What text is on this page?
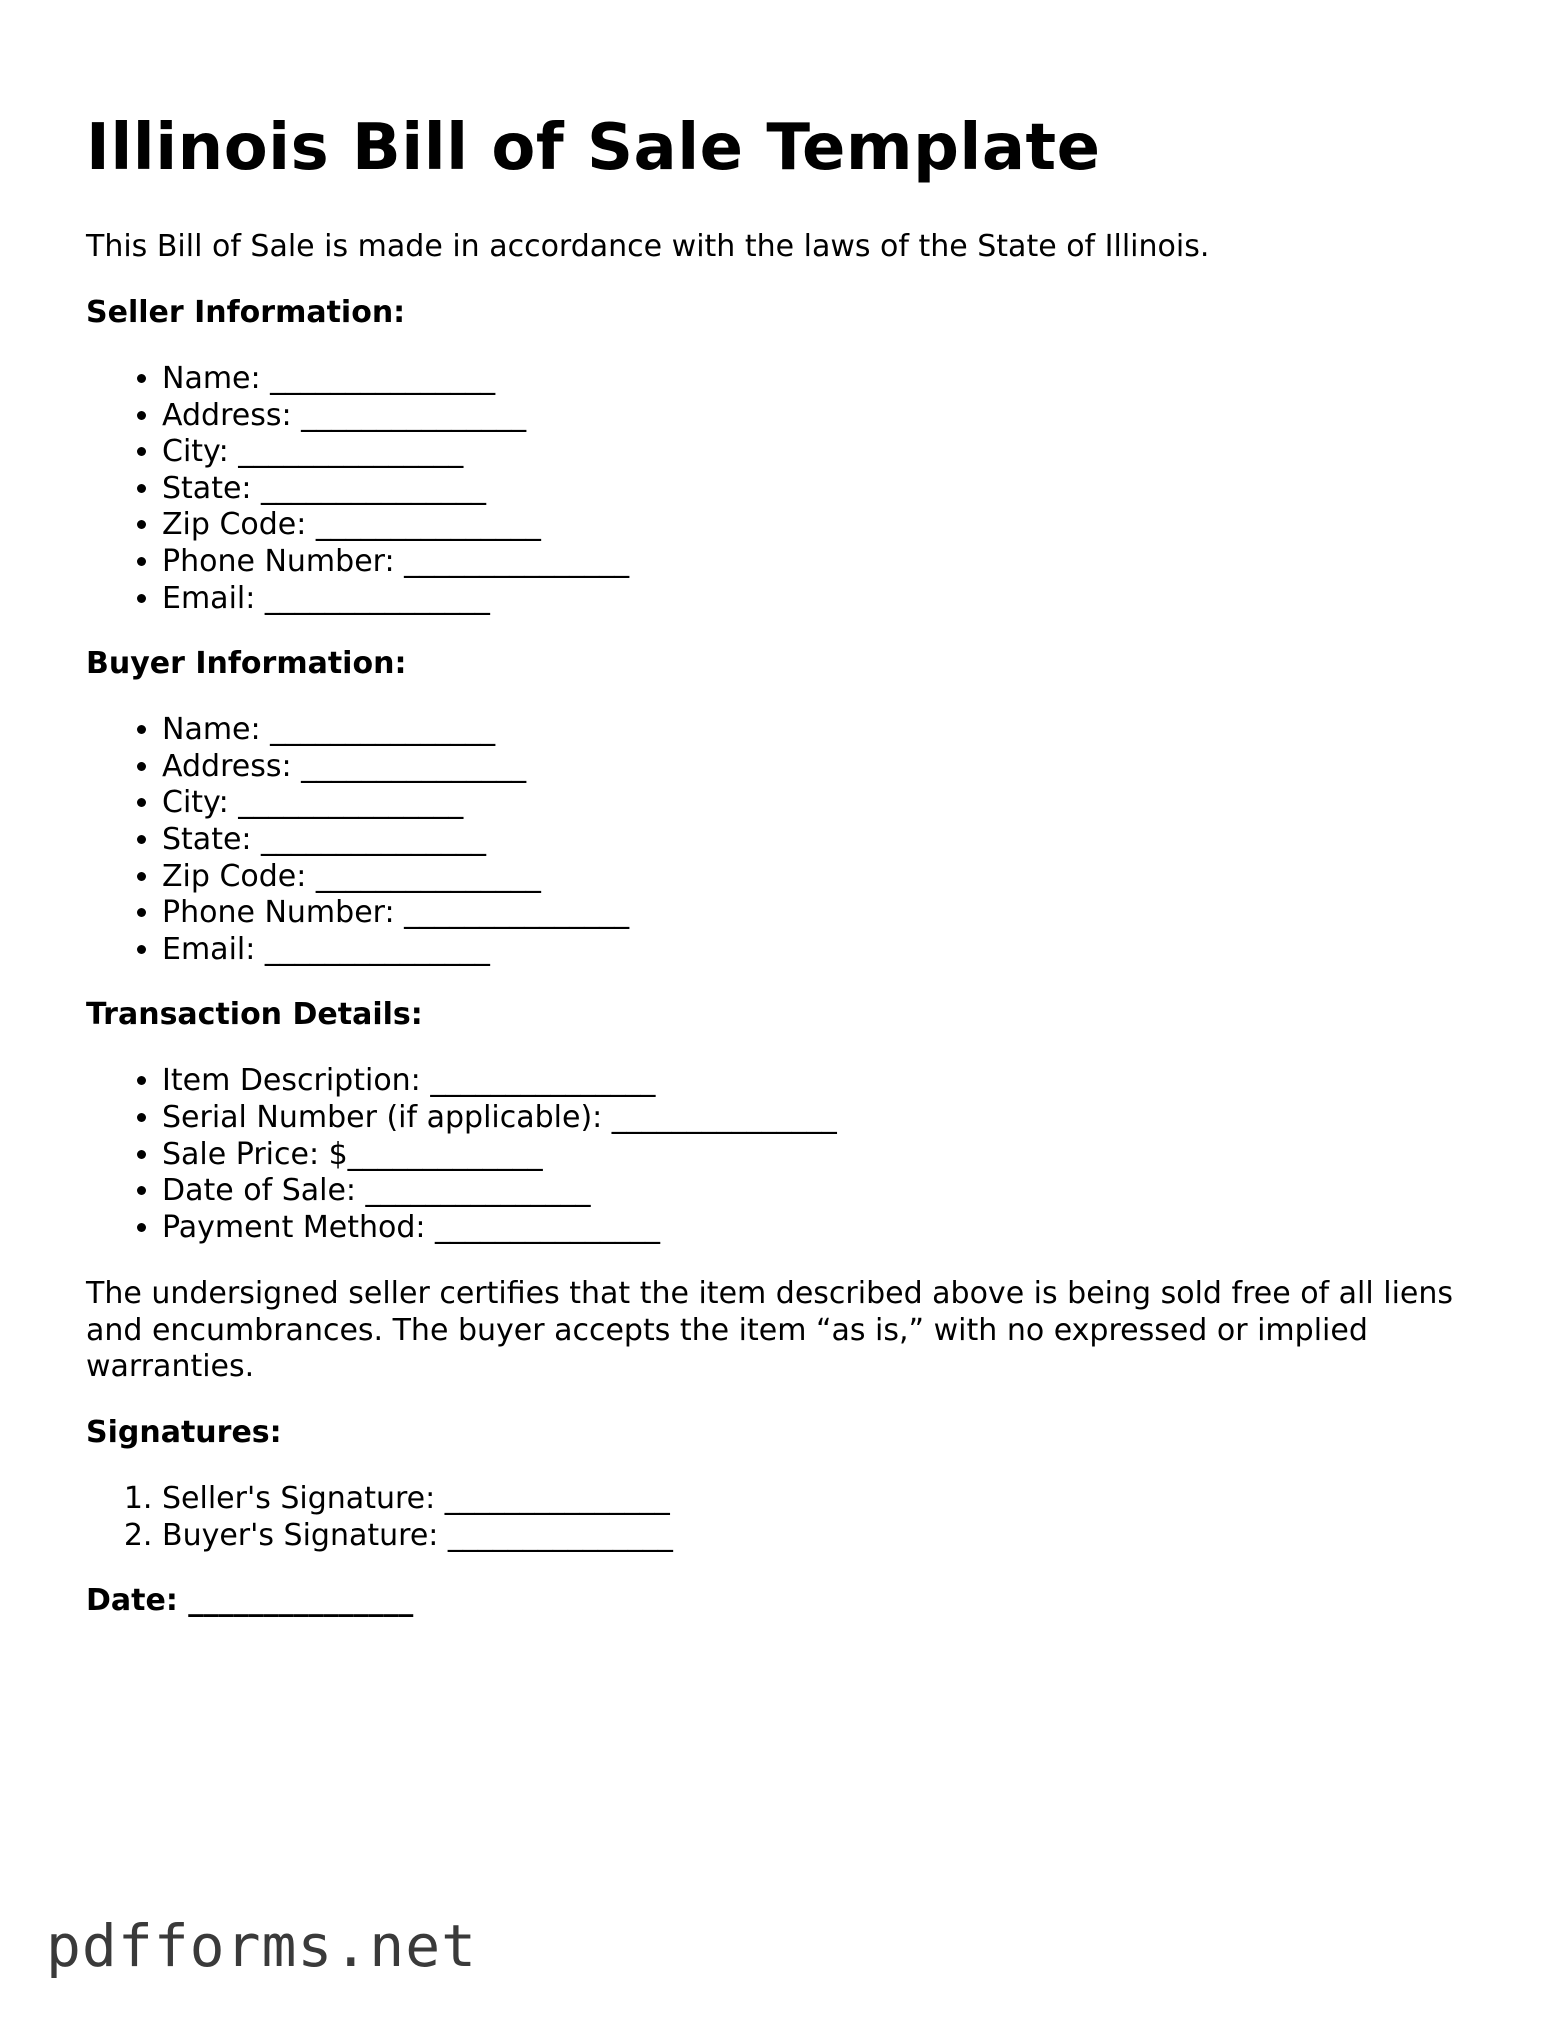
Illinois Bill of Sale Template

This Bill of Sale is made in accordance with the laws of the State of Illinois.

Seller Information:
• Name: _______________
• Address: _______________
• City: _______________
• State: _______________
• Zip Code: _______________
• Phone Number: _______________
• Email: _______________
Buyer Information:
• Name: _______________
• Address: _______________
• City: _______________
• State: _______________
• Zip Code: _______________
• Phone Number: _______________
• Email: _______________
Transaction Details:
• Item Description: _______________
• Serial Number (if applicable): _______________
• Sale Price: $_____________
• Date of Sale: _______________
• Payment Method: _______________

The undersigned seller certifies that the item described above is being sold free of all liens and encumbrances. The buyer accepts the item “as is,” with no expressed or implied warranties.

Signatures:
1. Seller's Signature: _______________
2. Buyer's Signature: _______________
Date: _______________
pdfforms.net
